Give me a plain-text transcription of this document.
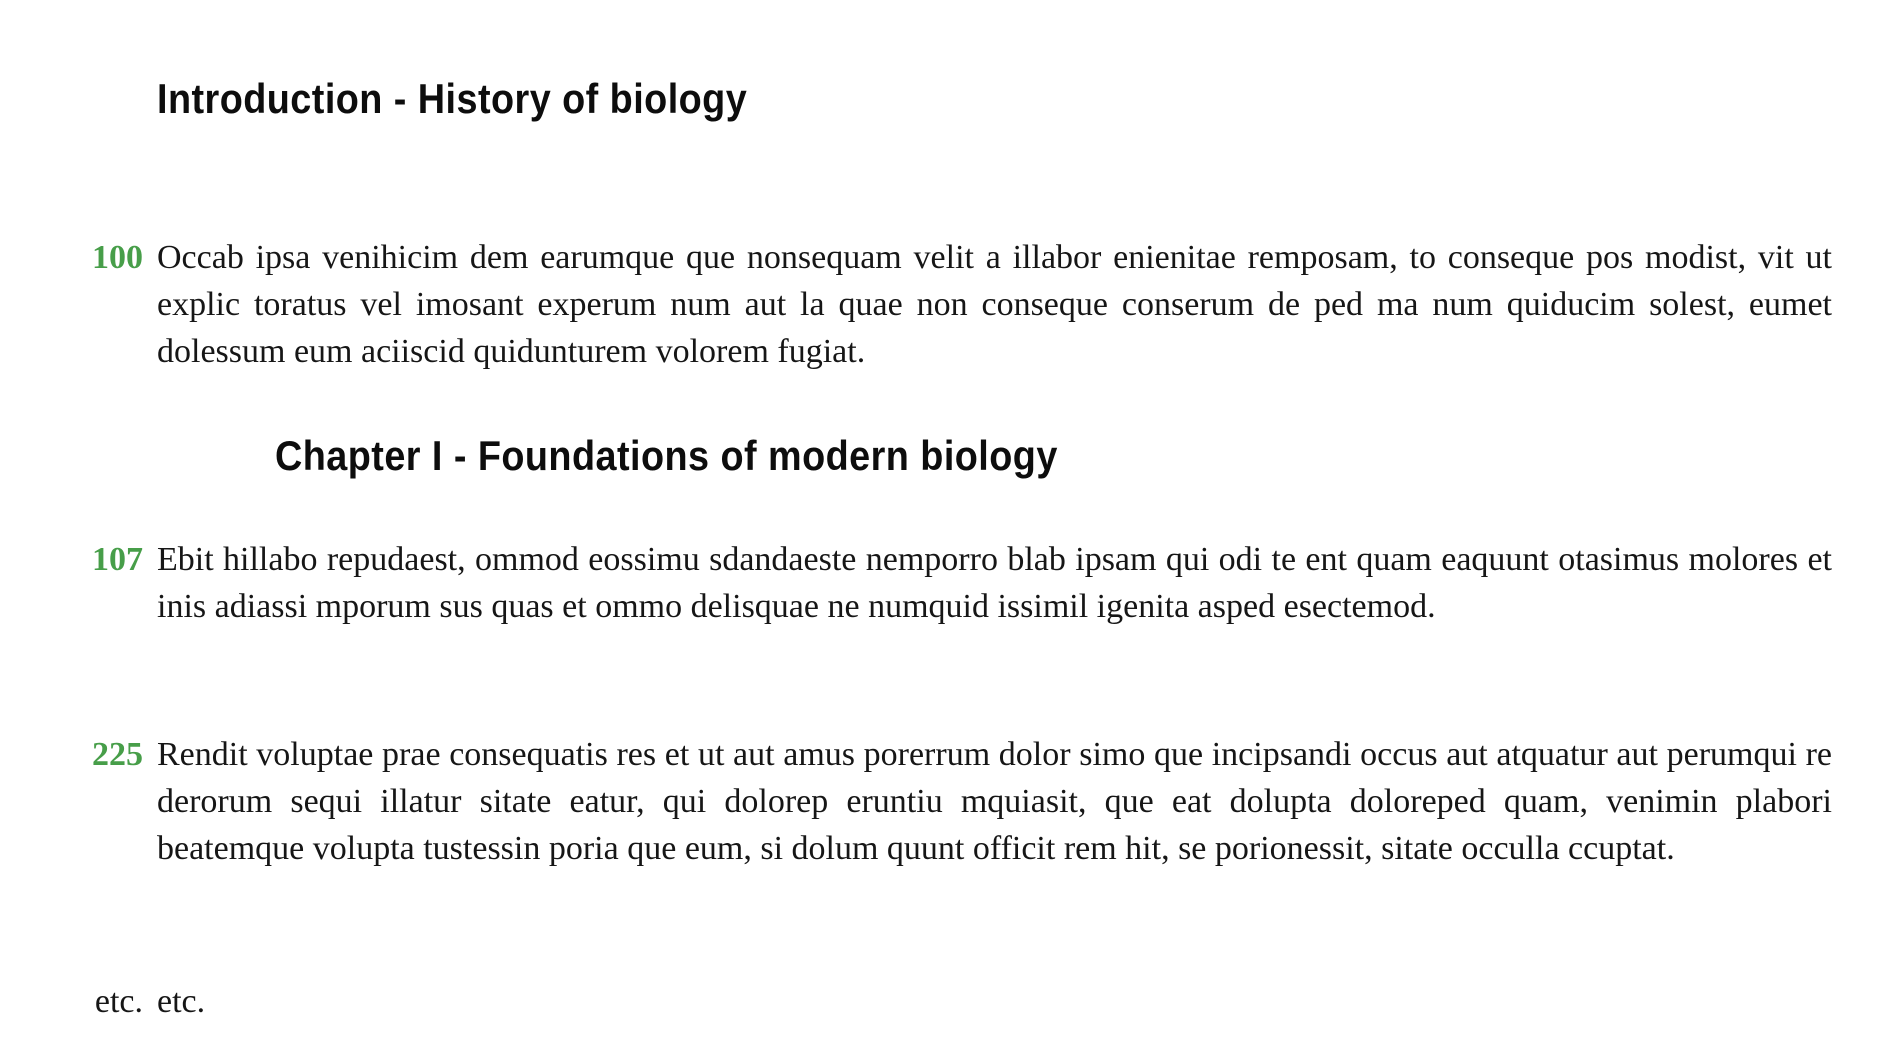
Introduction - History of biology
100 Occab ipsa venihicim dem earumque que nonsequam velit a illabor enienitae remposam, to conseque pos modist, vit ut explic toratus vel imosant experum num aut la quae non conseque conserum de ped ma num quiducim solest, eumet dolessum eum aciiscid quidunturem volorem fugiat.

Chapter I - Foundations of modern biology
107 Ebit hillabo repudaest, ommod eossimu sdandaeste nemporro blab ipsam qui odi te ent quam eaquunt otasimus molores et inis adiassi mporum sus quas et ommo delisquae ne numquid issimil igenita asped esectemod.

225 Rendit voluptae prae consequatis res et ut aut amus porerrum dolor simo que incipsandi occus aut atquatur aut perumqui re derorum sequi illatur sitate eatur, qui dolorep eruntiu mquiasit, que eat dolupta doloreped quam, venimin plabori beatemque volupta tustessin poria que eum, si dolum quunt officit rem hit, se porionessit, sitate occulla ccuptat.

etc. etc.
